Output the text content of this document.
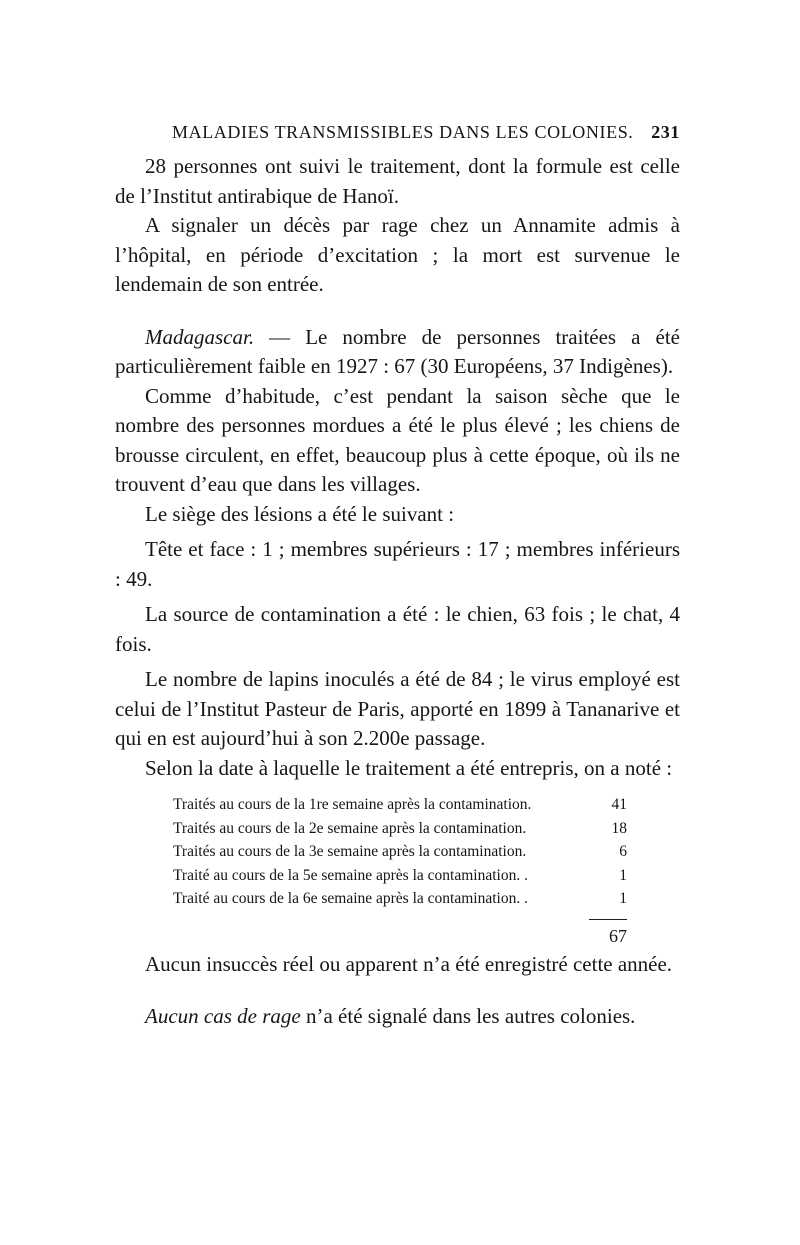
MALADIES TRANSMISSIBLES DANS LES COLONIES. 231

28 personnes ont suivi le traitement, dont la formule est celle de l’Institut antirabique de Hanoï.

A signaler un décès par rage chez un Annamite admis à l’hôpital, en période d’excitation ; la mort est survenue le lendemain de son entrée.

Madagascar. — Le nombre de personnes traitées a été particulièrement faible en 1927 : 67 (30 Européens, 37 Indigènes).

Comme d’habitude, c’est pendant la saison sèche que le nombre des personnes mordues a été le plus élevé ; les chiens de brousse circulent, en effet, beaucoup plus à cette époque, où ils ne trouvent d’eau que dans les villages.

Le siège des lésions a été le suivant :

Tête et face : 1 ; membres supérieurs : 17 ; membres inférieurs : 49.

La source de contamination a été : le chien, 63 fois ; le chat, 4 fois.

Le nombre de lapins inoculés a été de 84 ; le virus employé est celui de l’Institut Pasteur de Paris, apporté en 1899 à Tananarive et qui en est aujourd’hui à son 2.200e passage.

Selon la date à laquelle le traitement a été entrepris, on a noté :

Traités au cours de la 1re semaine après la contamination.	41
Traités au cours de la 2e semaine après la contamination.	18
Traités au cours de la 3e semaine après la contamination.	6
Traité au cours de la 5e semaine après la contamination. .	1
Traité au cours de la 6e semaine après la contamination. .	1
67

Aucun insuccès réel ou apparent n’a été enregistré cette année.

Aucun cas de rage n’a été signalé dans les autres colonies.
